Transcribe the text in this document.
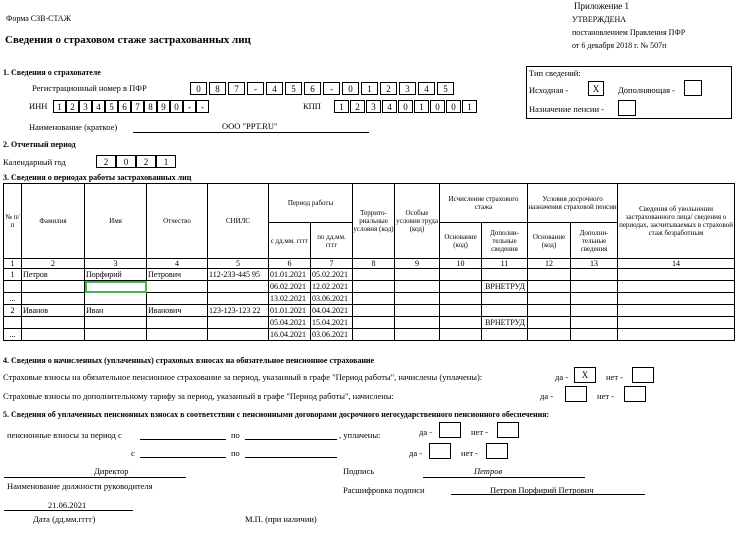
Форма СЗВ-СТАЖ
Приложение 1
УТВЕРЖДЕНА
постановлением Правления ПФР
от 6 декабря 2018 г. № 507п
Сведения о страховом стаже застрахованных лиц
1. Сведения о страхователе
Регистрационный номер в ПФР	0	8	7	-	4	5	6	-	0	1	2	3	4	5
ИНН	1 2 3 4 5 6 7 8 9 0	-	-	КПП	1	2	3	4	0	1	0	0	1
Наименование (краткое)	ООО "PPT.RU"
Тип сведений:
Исходная -	X	Дополняющая -
Назначение пенсии -
2. Отчетный период
Календарный год	2	0	2	1
3. Сведения о периодах работы застрахованных лиц
№ п/п	Фамилия	Имя	Отчество	СНИЛС	Период работы		Террито- риальные условия (код)	Особые условия труда (код)	Исчисление страхового стажа		Условия досрочного назначения страховой пенсии		Сведения об увольнении застрахованного лица/ сведения о периодах, засчитываемых в страховой стаж безработным
					с дд.мм. гггг	по дд.мм. гггг			Основание (код)	Дополни- тельные сведения	Основание (код)	Дополни- тельные сведения	
1	2	3	4	5	6	7	8	9	10	11	12	13	14
1	Петров	Порфирий	Петрович	112-233-445 95	01.01.2021	05.02.2021							
					06.02.2021	12.02.2021				ВРНЕТРУД			
...					13.02.2021	03.06.2021							
2	Иванов	Иван	Иванович	123-123-123 22	01.01.2021	04.04.2021							
					05.04.2021	15.04.2021				ВРНЕТРУД			
...					16.04.2021	03.06.2021							
4. Сведения о начисленных (уплаченных) страховых взносах на обязательное пенсионное страхование
Страховые взносы на обязательное пенсионное страхование за период, указанный в графе "Период работы", начислены (уплачены):	да -	X	нет -
Страховые взносы по дополнительному тарифу за период, указанный в графе "Период работы", начислены:	да -	нет -
5. Сведения об уплаченных пенсионных взносах в соответствии с пенсионными договорами досрочного негосударственного пенсионного обеспечения:
пенсионные взносы за период с	по	, уплачены:	да -	нет -
с	по	да -	нет -
Директор
Наименование должности руководителя
Подпись	Петров
Расшифровка подписи	Петров Порфирий Петрович
21.06.2021
Дата (дд.мм.гггг)	М.П. (при наличии)
